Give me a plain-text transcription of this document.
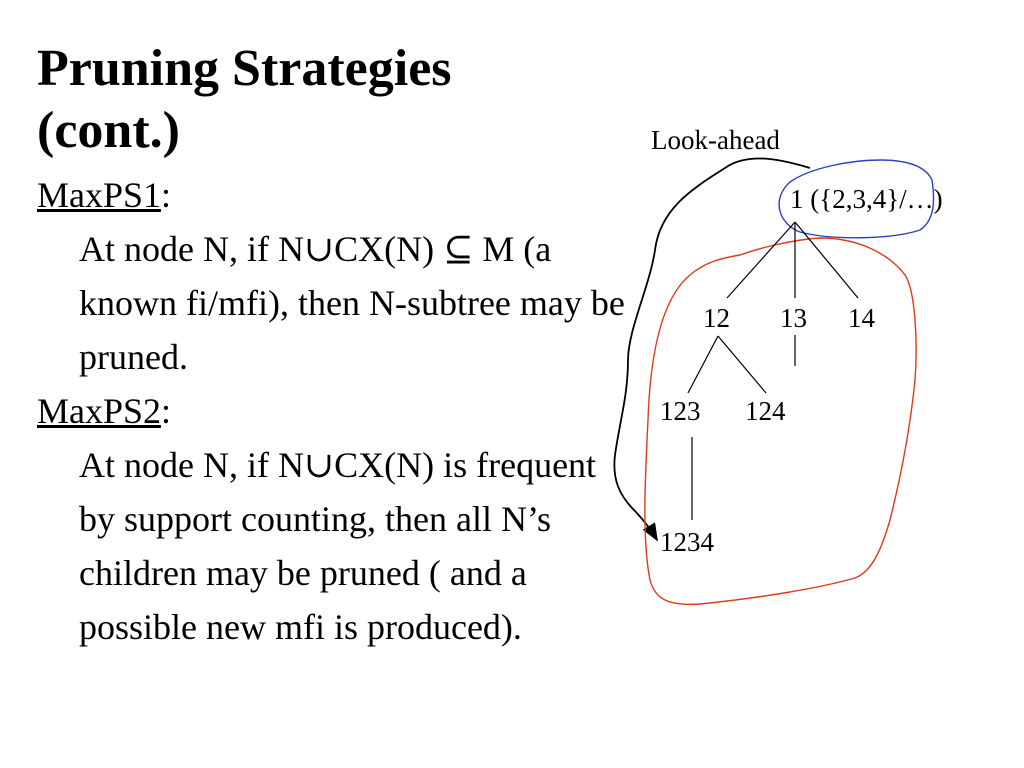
Pruning Strategies
(cont.)

MaxPS1:

At node N, if N∪CX(N) ⊆ M (a known fi/mfi), then N-subtree may be pruned.

MaxPS2:

At node N, if N∪CX(N) is frequent by support counting, then all N’s children may be pruned ( and a possible new mfi is produced).

Look-ahead
1 ({2,3,4}/…)
12 13 14
123 124
1234
